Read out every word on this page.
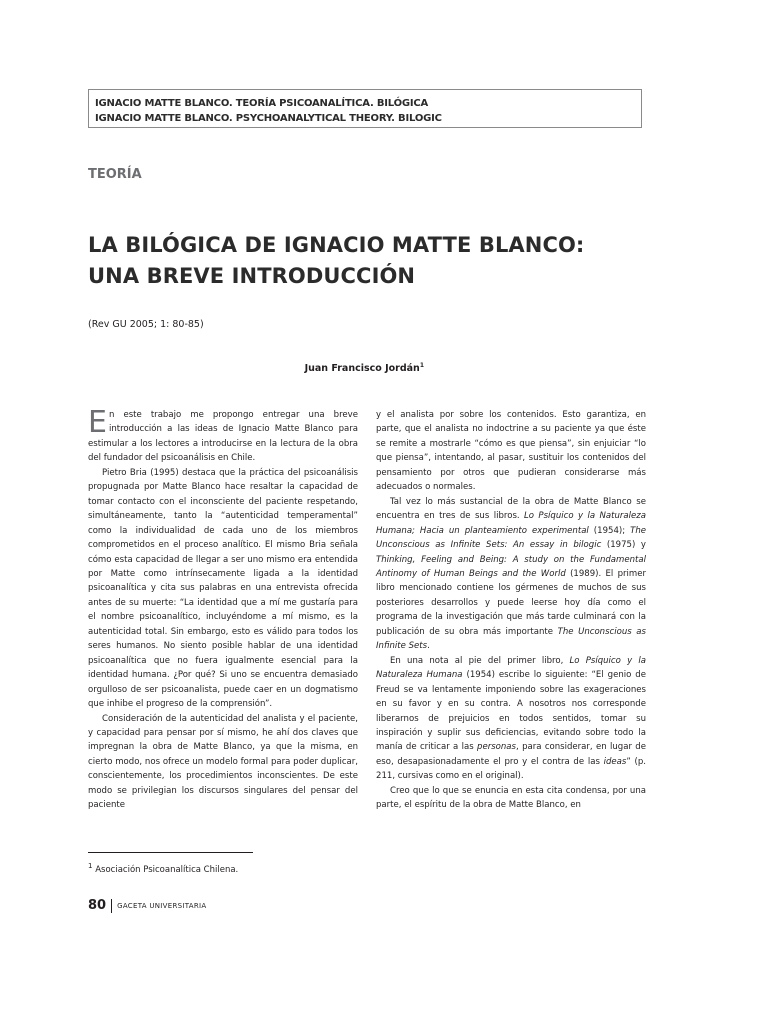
IGNACIO MATTE BLANCO. TEORÍA PSICOANALÍTICA. BILÓGICA
IGNACIO MATTE BLANCO. PSYCHOANALYTICAL THEORY. BILOGIC
TEORÍA
LA BILÓGICA DE IGNACIO MATTE BLANCO:
UNA BREVE INTRODUCCIÓN
(Rev GU 2005; 1: 80-85)
Juan Francisco Jordán$^1$

En este trabajo me propongo entregar una breve introducción a las ideas de Ignacio Matte Blanco para estimular a los lectores a introducirse en la lectura de la obra del fundador del psicoanálisis en Chile.

Pietro Bria (1995) destaca que la práctica del psicoanálisis propugnada por Matte Blanco hace resaltar la capacidad de tomar contacto con el inconsciente del paciente respetando, simultáneamente, tanto la “autenticidad temperamental” como la individualidad de cada uno de los miembros comprometidos en el proceso analítico. El mismo Bria señala cómo esta capacidad de llegar a ser uno mismo era entendida por Matte como intrínsecamente ligada a la identidad psicoanalítica y cita sus palabras en una entrevista ofrecida antes de su muerte: “La identidad que a mí me gustaría para el nombre psicoanalítico, incluyéndome a mí mismo, es la autenticidad total. Sin embargo, esto es válido para todos los seres humanos. No siento posible hablar de una identidad psicoanalítica que no fuera igualmente esencial para la identidad humana. ¿Por qué? Si uno se encuentra demasiado orgulloso de ser psicoanalista, puede caer en un dogmatismo que inhibe el progreso de la comprensión”.

Consideración de la autenticidad del analista y el paciente, y capacidad para pensar por sí mismo, he ahí dos claves que impregnan la obra de Matte Blanco, ya que la misma, en cierto modo, nos ofrece un modelo formal para poder duplicar, conscientemente, los procedimientos inconscientes. De este modo se privilegian los discursos singulares del pensar del paciente

y el analista por sobre los contenidos. Esto garantiza, en parte, que el analista no indoctrine a su paciente ya que éste se remite a mostrarle “cómo es que piensa”, sin enjuiciar “lo que piensa”, intentando, al pasar, sustituir los contenidos del pensamiento por otros que pudieran considerarse más adecuados o normales.

Tal vez lo más sustancial de la obra de Matte Blanco se encuentra en tres de sus libros. Lo Psíquico y la Naturaleza Humana; Hacia un planteamiento experimental (1954); The Unconscious as Infinite Sets: An essay in bilogic (1975) y Thinking, Feeling and Being: A study on the Fundamental Antinomy of Human Beings and the World (1989). El primer libro mencionado contiene los gérmenes de muchos de sus posteriores desarrollos y puede leerse hoy día como el programa de la investigación que más tarde culminará con la publicación de su obra más importante The Unconscious as Infinite Sets.

En una nota al pie del primer libro, Lo Psíquico y la Naturaleza Humana (1954) escribe lo siguiente: “El genio de Freud se va lentamente imponiendo sobre las exageraciones en su favor y en su contra. A nosotros nos corresponde liberarnos de prejuicios en todos sentidos, tomar su inspiración y suplir sus deficiencias, evitando sobre todo la manía de criticar a las personas, para considerar, en lugar de eso, desapasionadamente el pro y el contra de las ideas” (p. 211, cursivas como en el original).

Creo que lo que se enuncia en esta cita condensa, por una parte, el espíritu de la obra de Matte Blanco, en

$^1$ Asociación Psicoanalítica Chilena.
80 GACETA UNIVERSITARIA
